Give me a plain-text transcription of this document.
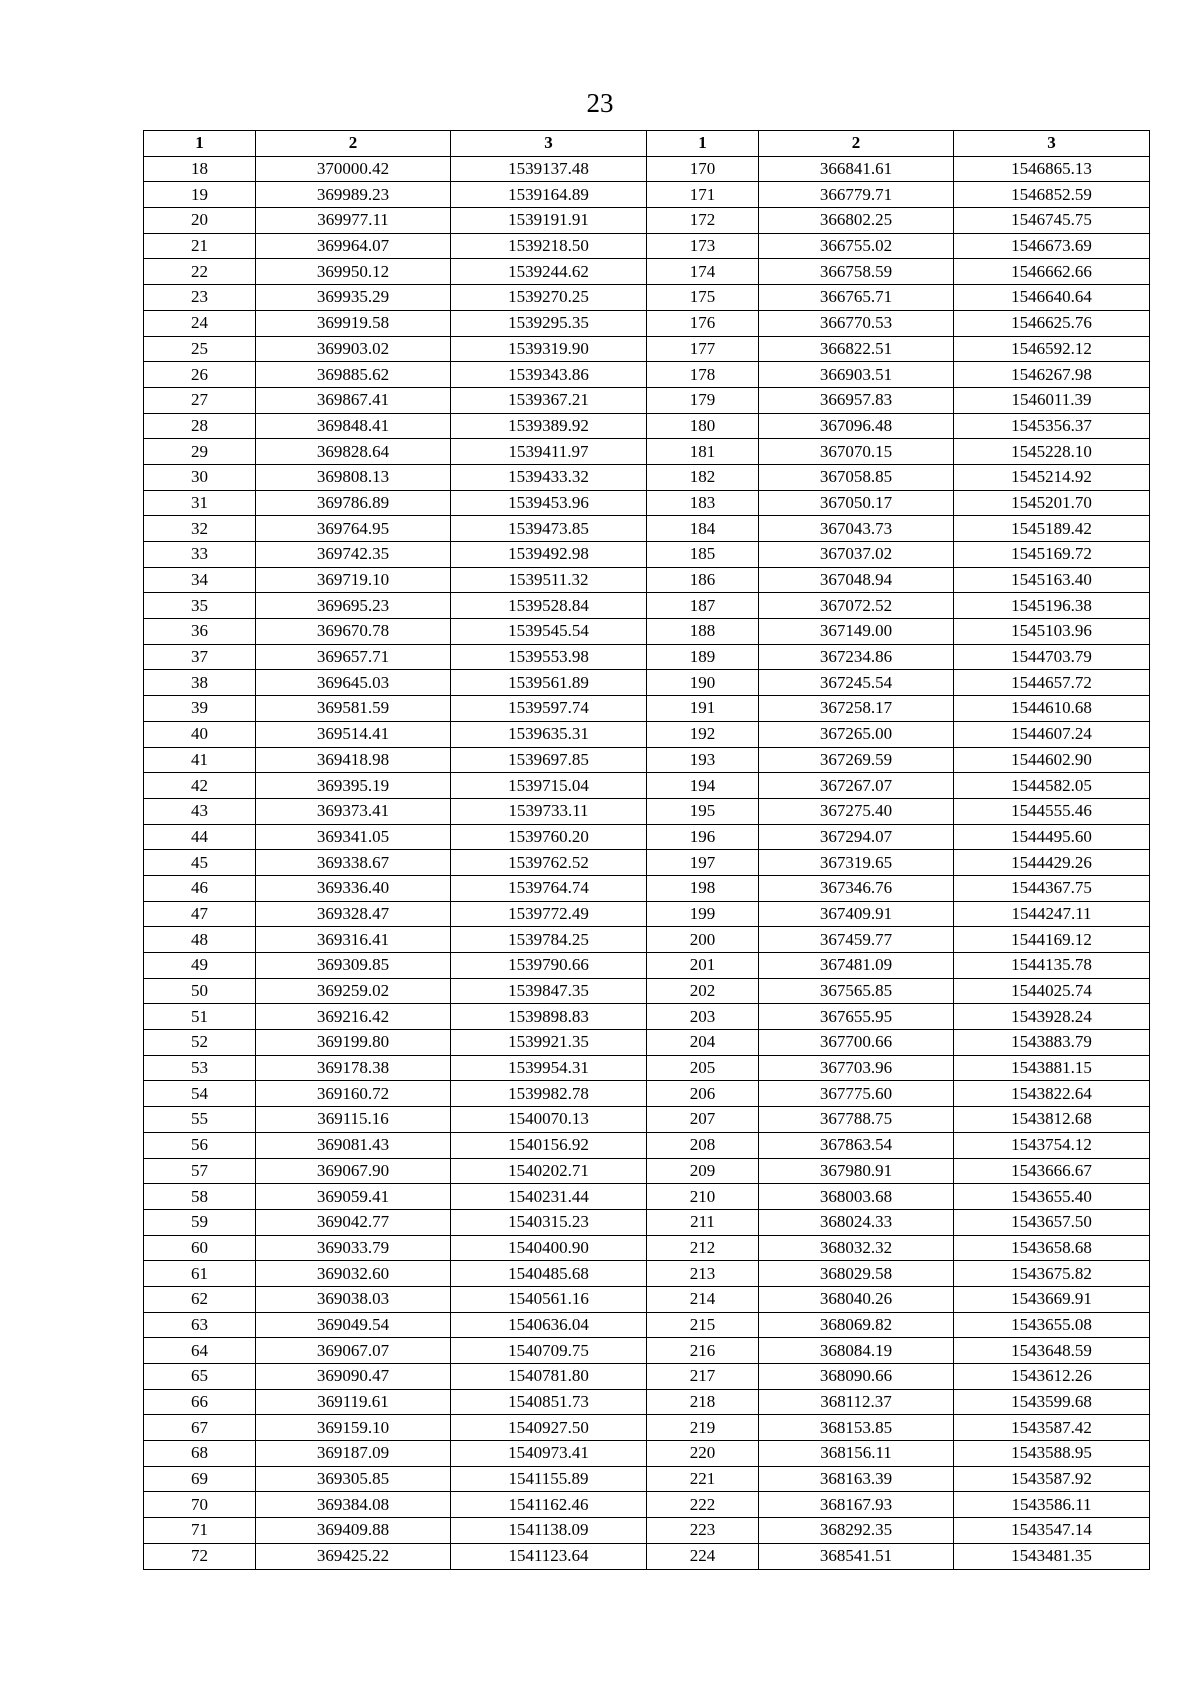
23
1	2	3	1	2	3
18	370000.42	1539137.48	170	366841.61	1546865.13
19	369989.23	1539164.89	171	366779.71	1546852.59
20	369977.11	1539191.91	172	366802.25	1546745.75
21	369964.07	1539218.50	173	366755.02	1546673.69
22	369950.12	1539244.62	174	366758.59	1546662.66
23	369935.29	1539270.25	175	366765.71	1546640.64
24	369919.58	1539295.35	176	366770.53	1546625.76
25	369903.02	1539319.90	177	366822.51	1546592.12
26	369885.62	1539343.86	178	366903.51	1546267.98
27	369867.41	1539367.21	179	366957.83	1546011.39
28	369848.41	1539389.92	180	367096.48	1545356.37
29	369828.64	1539411.97	181	367070.15	1545228.10
30	369808.13	1539433.32	182	367058.85	1545214.92
31	369786.89	1539453.96	183	367050.17	1545201.70
32	369764.95	1539473.85	184	367043.73	1545189.42
33	369742.35	1539492.98	185	367037.02	1545169.72
34	369719.10	1539511.32	186	367048.94	1545163.40
35	369695.23	1539528.84	187	367072.52	1545196.38
36	369670.78	1539545.54	188	367149.00	1545103.96
37	369657.71	1539553.98	189	367234.86	1544703.79
38	369645.03	1539561.89	190	367245.54	1544657.72
39	369581.59	1539597.74	191	367258.17	1544610.68
40	369514.41	1539635.31	192	367265.00	1544607.24
41	369418.98	1539697.85	193	367269.59	1544602.90
42	369395.19	1539715.04	194	367267.07	1544582.05
43	369373.41	1539733.11	195	367275.40	1544555.46
44	369341.05	1539760.20	196	367294.07	1544495.60
45	369338.67	1539762.52	197	367319.65	1544429.26
46	369336.40	1539764.74	198	367346.76	1544367.75
47	369328.47	1539772.49	199	367409.91	1544247.11
48	369316.41	1539784.25	200	367459.77	1544169.12
49	369309.85	1539790.66	201	367481.09	1544135.78
50	369259.02	1539847.35	202	367565.85	1544025.74
51	369216.42	1539898.83	203	367655.95	1543928.24
52	369199.80	1539921.35	204	367700.66	1543883.79
53	369178.38	1539954.31	205	367703.96	1543881.15
54	369160.72	1539982.78	206	367775.60	1543822.64
55	369115.16	1540070.13	207	367788.75	1543812.68
56	369081.43	1540156.92	208	367863.54	1543754.12
57	369067.90	1540202.71	209	367980.91	1543666.67
58	369059.41	1540231.44	210	368003.68	1543655.40
59	369042.77	1540315.23	211	368024.33	1543657.50
60	369033.79	1540400.90	212	368032.32	1543658.68
61	369032.60	1540485.68	213	368029.58	1543675.82
62	369038.03	1540561.16	214	368040.26	1543669.91
63	369049.54	1540636.04	215	368069.82	1543655.08
64	369067.07	1540709.75	216	368084.19	1543648.59
65	369090.47	1540781.80	217	368090.66	1543612.26
66	369119.61	1540851.73	218	368112.37	1543599.68
67	369159.10	1540927.50	219	368153.85	1543587.42
68	369187.09	1540973.41	220	368156.11	1543588.95
69	369305.85	1541155.89	221	368163.39	1543587.92
70	369384.08	1541162.46	222	368167.93	1543586.11
71	369409.88	1541138.09	223	368292.35	1543547.14
72	369425.22	1541123.64	224	368541.51	1543481.35
